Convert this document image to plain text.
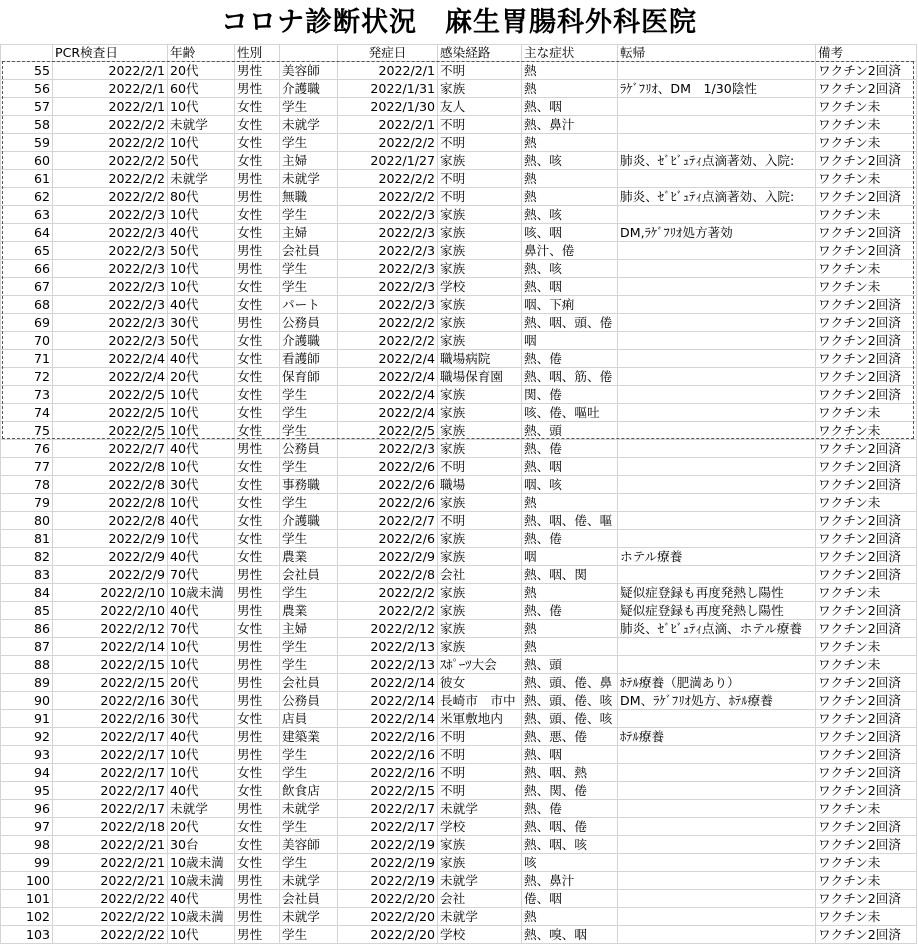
コロナ診断状況　麻生胃腸科外科医院
	PCR検査日	年齢	性別		発症日	感染経路	主な症状	転帰	備考
55	2022/2/1	20代	男性	美容師	2022/2/1	不明	熱		ワクチン2回済
56	2022/2/1	60代	男性	介護職	2022/1/31	家族	熱	ﾗｹﾞﾌﾘｵ、DM　1/30陰性	ワクチン2回済
57	2022/2/1	10代	女性	学生	2022/1/30	友人	熱、咽		ワクチン未
58	2022/2/2	未就学	女性	未就学	2022/2/1	不明	熱、鼻汁		ワクチン未
59	2022/2/2	10代	女性	学生	2022/2/2	不明	熱		ワクチン未
60	2022/2/2	50代	女性	主婦	2022/1/27	家族	熱、咳	肺炎、ｾﾞﾋﾞｭﾃｨ点滴著効、入院:	ワクチン2回済
61	2022/2/2	未就学	男性	未就学	2022/2/2	不明	熱		ワクチン未
62	2022/2/2	80代	男性	無職	2022/2/2	不明	熱	肺炎、ｾﾞﾋﾞｭﾃｨ点滴著効、入院:	ワクチン2回済
63	2022/2/3	10代	女性	学生	2022/2/3	家族	熱、咳		ワクチン未
64	2022/2/3	40代	女性	主婦	2022/2/3	家族	咳、咽	DM,ﾗｹﾞﾌﾘｵ処方著効	ワクチン2回済
65	2022/2/3	50代	男性	会社員	2022/2/3	家族	鼻汁、倦		ワクチン2回済
66	2022/2/3	10代	男性	学生	2022/2/3	家族	熱、咳		ワクチン未
67	2022/2/3	10代	女性	学生	2022/2/3	学校	熱、咽		ワクチン未
68	2022/2/3	40代	女性	パート	2022/2/3	家族	咽、下痢		ワクチン2回済
69	2022/2/3	30代	男性	公務員	2022/2/2	家族	熱、咽、頭、倦		ワクチン2回済
70	2022/2/3	50代	女性	介護職	2022/2/2	家族	咽		ワクチン2回済
71	2022/2/4	40代	女性	看護師	2022/2/4	職場病院	熱、倦		ワクチン2回済
72	2022/2/4	20代	女性	保育師	2022/2/4	職場保育園	熱、咽、筋、倦		ワクチン2回済
73	2022/2/5	10代	女性	学生	2022/2/4	家族	関、倦		ワクチン2回済
74	2022/2/5	10代	女性	学生	2022/2/4	家族	咳、倦、嘔吐		ワクチン未
75	2022/2/5	10代	女性	学生	2022/2/5	家族	熱、頭		ワクチン未
76	2022/2/7	40代	男性	公務員	2022/2/3	家族	熱、倦		ワクチン2回済
77	2022/2/8	10代	女性	学生	2022/2/6	不明	熱、咽		ワクチン2回済
78	2022/2/8	30代	女性	事務職	2022/2/6	職場	咽、咳		ワクチン2回済
79	2022/2/8	10代	女性	学生	2022/2/6	家族	熱		ワクチン未
80	2022/2/8	40代	女性	介護職	2022/2/7	不明	熱、咽、倦、嘔		ワクチン2回済
81	2022/2/9	10代	女性	学生	2022/2/6	家族	熱、倦		ワクチン2回済
82	2022/2/9	40代	女性	農業	2022/2/9	家族	咽	ホテル療養	ワクチン2回済
83	2022/2/9	70代	男性	会社員	2022/2/8	会社	熱、咽、関		ワクチン2回済
84	2022/2/10	10歳未満	男性	学生	2022/2/2	家族	熱	疑似症登録も再度発熱し陽性	ワクチン未
85	2022/2/10	40代	男性	農業	2022/2/2	家族	熱、倦	疑似症登録も再度発熱し陽性	ワクチン2回済
86	2022/2/12	70代	女性	主婦	2022/2/12	家族	熱	肺炎、ｾﾞﾋﾞｭﾃｨ点滴、ホテル療養	ワクチン2回済
87	2022/2/14	10代	男性	学生	2022/2/13	家族	熱		ワクチン未
88	2022/2/15	10代	男性	学生	2022/2/13	ｽﾎﾟｰﾂ大会	熱、頭		ワクチン未
89	2022/2/15	20代	男性	会社員	2022/2/14	彼女	熱、頭、倦、鼻	ﾎﾃﾙ療養（肥満あり）	ワクチン2回済
90	2022/2/16	30代	男性	公務員	2022/2/14	長崎市　市中	熱、頭、倦、咳	DM、ﾗｹﾞﾌﾘｵ処方、ﾎﾃﾙ療養	ワクチン2回済
91	2022/2/16	30代	女性	店員	2022/2/14	米軍敷地内	熱、頭、倦、咳		ワクチン2回済
92	2022/2/17	40代	男性	建築業	2022/2/16	不明	熱、悪、倦	ﾎﾃﾙ療養	ワクチン2回済
93	2022/2/17	10代	男性	学生	2022/2/16	不明	熱、咽		ワクチン2回済
94	2022/2/17	10代	女性	学生	2022/2/16	不明	熱、咽、熱		ワクチン2回済
95	2022/2/17	40代	女性	飲食店	2022/2/15	不明	熱、関、倦		ワクチン2回済
96	2022/2/17	未就学	男性	未就学	2022/2/17	未就学	熱、倦		ワクチン未
97	2022/2/18	20代	女性	学生	2022/2/17	学校	熱、咽、倦		ワクチン2回済
98	2022/2/21	30台	女性	美容師	2022/2/19	家族	熱、咽、咳		ワクチン2回済
99	2022/2/21	10歳未満	女性	学生	2022/2/19	家族	咳		ワクチン未
100	2022/2/21	10歳未満	男性	未就学	2022/2/19	未就学	熱、鼻汁		ワクチン未
101	2022/2/22	40代	男性	会社員	2022/2/20	会社	倦、咽		ワクチン2回済
102	2022/2/22	10歳未満	男性	未就学	2022/2/20	未就学	熱		ワクチン未
103	2022/2/22	10代	男性	学生	2022/2/20	学校	熱、嗅、咽		ワクチン2回済
